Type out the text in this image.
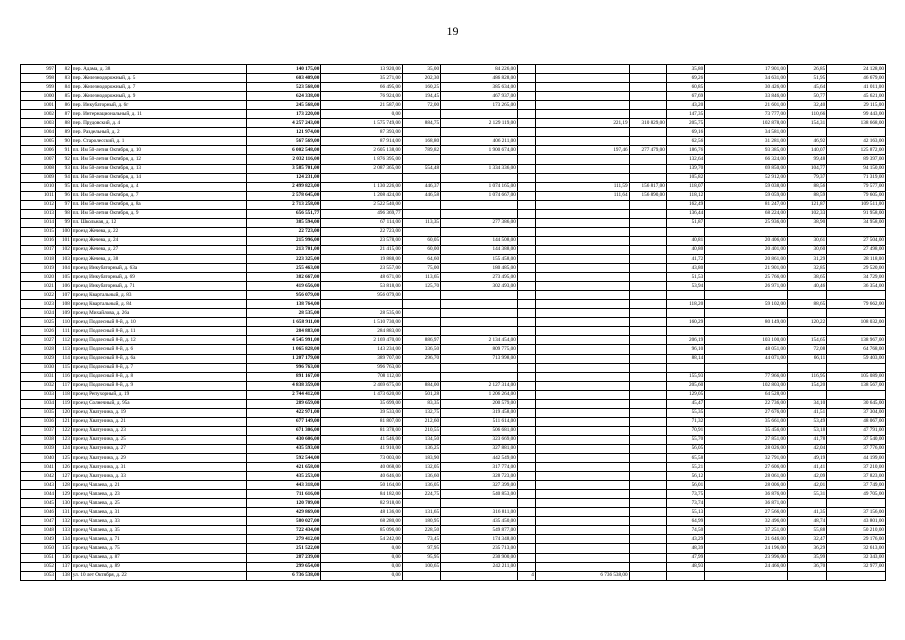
19
997	82	пер. Адама, д. 38	140 175,00	13 920,00	35,00	84 226,00				35,80	17 901,00	26,85	24 128,00
998	83	пер. Железнодорожный, д. 5	603 409,00	35 271,00	202,30	486 828,00				69,26	34 631,00	51,95	46 679,00
999	84	пер. Железнодорожный, д. 7	523 568,00	66 495,00	160,25	385 634,00				60,85	30 426,00	45,64	41 011,00
1000	85	пер. Железнодорожный, д. 9	624 338,00	76 924,00	194,45	467 937,00				67,69	33 846,00	50,77	45 621,00
1001	86	пер. Инкубаторный, д. 6г	245 568,00	21 587,00	72,00	173 265,00				43,20	21 601,00	32,40	29 115,00
1002	87	пер. Интернациональный, д. 11	173 220,00	0,00						147,35	73 777,00	110,66	99 443,00
1003	88	пер. Прудовский, д. 4	4 257 243,00	1 575 749,00	884,75	2 129 119,00		221,19	310 829,00	205,75	102 878,00	154,31	138 668,00
1004	89	пер. Раздельный, д. 2	121 974,00	87 393,00						69,16	34 581,00		
1005	90	пер. Старолесский, д. 1	567 569,00	87 914,00	168,80	406 211,00				62,56	31 281,00	46,92	42 163,00
1006	91	пл. Им 50-летия Октября, д. 10	6 002 548,00	2 605 138,00	789,82	1 900 674,00		197,46	277 479,00	186,76	93 385,00	140,07	125 872,00
1007	92	пл. Им 50-летия Октября, д. 12	2 032 116,00	1 876 395,00						132,64	66 324,00	99,48	89 397,00
1008	93	пл. Им 50-летия Октября, д. 13	3 585 701,00	2 087 365,00	554,48	1 334 336,00				139,70	69 850,00	104,77	94 150,00
1009	94	пл. Им 50-летия Октября, д. 14	124 231,00							105,82	52 912,00	79,37	71 319,00
1010	95	пл. Им 50-летия Октября, д. 4	2 499 823,00	1 130 226,00	446,37	1 074 165,00		111,59	156 817,00	118,07	59 038,00	88,56	79 577,00
1011	96	пл. Им 50-летия Октября, д. 7	2 578 645,00	1 208 424,00	446,58	1 074 667,00		111,64	156 890,00	118,12	59 059,00	88,59	79 605,00
1012	97	пл. Им 50-летия Октября, д. 8а	2 713 258,00	2 522 540,00						162,49	81 247,00	121,87	109 511,00
1013	98	пл. Им 50-летия Октября, д. 9	656 551,77	496 369,77						136,44	68 224,00	102,33	91 958,00
1014	99	пл. Школьная, д. 12	385 594,00	67 114,00	113,35	277 386,00				51,87	25 936,00	38,90	34 958,00
1015	100	проезд Жечева, д. 22	22 723,00	22 723,00									
1016	101	проезд Жечева, д. 24	215 996,00	23 578,00	60,05	144 508,00				40,81	20 406,00	30,61	27 504,00
1017	102	проезд Жечева, д. 27	213 701,00	21 415,00	60,00	144 388,00				40,80	20 401,00	30,60	27 498,00
1018	103	проезд Жечева, д. 38	223 325,00	19 888,00	64,60	155 458,00				41,72	20 861,00	31,29	28 118,00
1019	104	проезд Инкубаторный, д. 63а	255 463,00	23 557,00	75,00	180 485,00				43,80	21 901,00	32,85	29 520,00
1020	105	проезд Инкубаторный, д. 69	382 667,00	48 671,00	113,65	273 495,00				51,53	25 766,00	38,65	34 729,00
1021	106	проезд Инкубаторный, д. 71	419 656,00	53 818,00	125,70	302 493,00				53,94	26 971,00	40,46	36 354,00
1022	107	проезд Квартальный, д. 83	956 079,00	956 079,00									
1023	108	проезд Квартальный, д. 84	138 764,00							118,20	59 102,00	88,65	79 662,00
1024	109	проезд Михайлова, д. 26а	28 535,00	28 535,00									
1025	110	проезд Подлесный 8-й, д. 10	1 658 911,00	1 510 730,00						160,29	80 149,00	120,22	108 032,00
1026	111	проезд Подлесный 8-й, д. 11	284 883,00	284 883,00									
1027	112	проезд Подлесный 8-й, д. 12	4 545 991,00	2 169 470,00	886,97	2 134 454,00				206,19	103 100,00	154,65	138 967,00
1028	113	проезд Подлесный 8-й, д. 6	1 065 828,00	143 234,00	336,50	809 775,00				96,10	48 051,00	72,08	64 768,00
1029	114	проезд Подлесный 8-й, д. 6а	1 207 179,00	389 707,00	296,70	713 998,00				88,14	44 071,00	66,11	59 403,00
1030	115	проезд Подлесный 8-й, д. 7	996 763,00	996 763,00									
1031	116	проезд Подлесный 8-й, д. 8	891 167,00	708 112,00						155,93	77 966,00	116,95	105 089,00
1032	117	проезд Подлесный 8-й, д. 9	4 838 359,00	2 469 675,00	884,00	2 127 314,00				205,60	102 803,00	154,20	138 567,00
1033	118	проезд Репухорный, д. 19	2 744 412,00	1 473 620,00	501,28	1 206 264,00				129,05	64 528,00		
1034	119	проезд Солнечный, д. 95а	289 659,00	35 699,00	83,35	200 579,00				45,47	22 736,00	34,10	30 645,00
1035	120	проезд Хватунина, д. 19	422 971,00	39 533,00	132,75	319 458,00				55,35	27 676,00	41,51	37 304,00
1036	121	проезд Хватунина, д. 21	677 149,00	81 807,00	212,60	511 614,00				71,32	35 661,00	53,49	48 067,00
1037	122	проезд Хватунина, д. 23	671 306,00	81 378,00	210,55	506 681,00				70,91	35 456,00	53,18	47 791,00
1038	123	проезд Хватунина, д. 25	430 606,00	41 546,00	134,50	323 669,00				55,70	27 851,00	41,78	37 540,00
1039	124	проезд Хватунина, д. 27	435 593,00	41 910,00	136,25	327 881,00				56,05	28 026,00	42,04	37 776,00
1040	125	проезд Хватунина, д. 29	592 544,00	73 003,00	183,90	442 549,00				65,58	32 791,00	49,19	44 199,00
1041	126	проезд Хватунина, д. 31	421 658,00	40 068,00	132,05	317 774,00				55,21	27 606,00	41,41	37 210,00
1042	127	проезд Хватунина, д. 33	435 253,00	40 646,00	136,60	328 723,00				56,12	28 061,00	42,09	37 823,00
1043	128	проезд Чапаева, д. 21	443 318,00	50 164,00	136,05	327 399,00				56,01	28 006,00	42,01	37 749,00
1044	129	проезд Чапаева, д. 23	711 616,00	84 182,00	224,75	540 853,00				73,75	36 876,00	55,31	49 705,00
1045	130	проезд Чапаева, д. 25	120 709,00	82 918,00						73,74	36 871,00		
1046	131	проезд Чапаева, д. 31	429 869,00	48 136,00	131,65	316 811,00				55,13	27 566,00	41,35	37 156,00
1047	132	проезд Чапаева, д. 33	580 027,00	68 280,00	180,95	435 450,00				64,99	32 496,00	48,74	43 801,00
1048	133	проезд Чапаева, д. 35	722 434,00	85 096,00	228,50	549 877,00				74,50	37 251,00	55,88	50 210,00
1049	134	проезд Чапаева, д. 71	279 412,00	54 242,00	73,45	174 348,00				43,29	21 646,00	32,47	29 176,00
1050	135	проезд Чапаева, д. 75	251 522,00	0,00	97,95	235 713,00				48,39	24 196,00	36,29	32 613,00
1051	136	проезд Чапаева, д. 87	287 239,00	0,00	95,95	230 900,00				47,99	23 996,00	35,99	32 343,00
1052	137	проезд Чапаева, д. 89	299 654,00	0,00	100,65	242 211,00				48,93	24 466,00	36,70	32 977,00
1053	138	ул. 10 лет Октября, д. 22	6 736 538,00	0,00			4	6 736 538,00					
